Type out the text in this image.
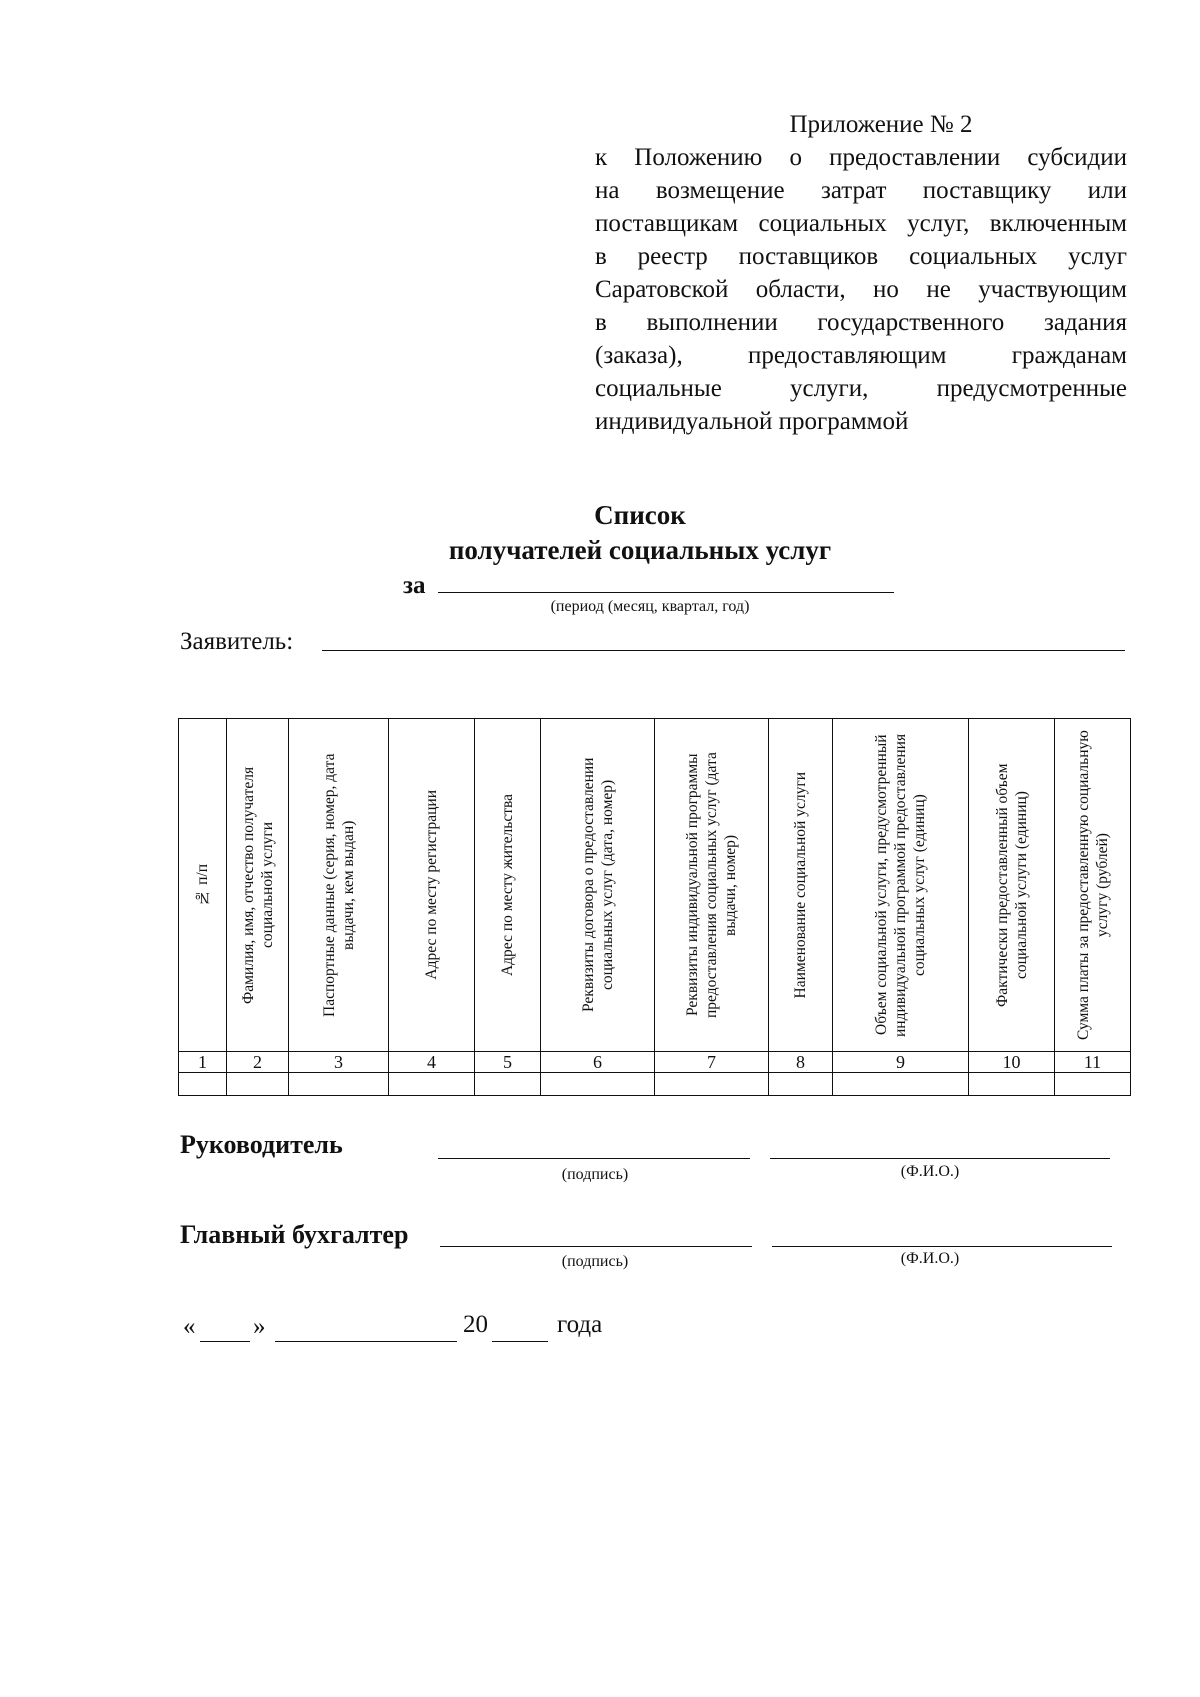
Приложение № 2
к Положению о предоставлении субсидии
на возмещение затрат поставщику или
поставщикам социальных услуг, включенным
в реестр поставщиков социальных услуг
Саратовской области, но не участвующим
в выполнении государственного задания
(заказа), предоставляющим гражданам
социальные услуги, предусмотренные
индивидуальной программой
Список
получателей социальных услуг
за
(период (месяц, квартал, год)
Заявитель:
№ п/п	Фамилия, имя, отчество получателя социальной услуги	Паспортные данные (серия, номер, дата выдачи, кем выдан)	Адрес по месту регистрации	Адрес по месту жительства	Реквизиты договора о предоставлении социальных услуг (дата, номер)	Реквизиты индивидуальной программы предоставления социальных услуг (дата выдачи, номер)	Наименование социальной услуги	Объем социальной услуги, предусмотренный индивидуальной программой предоставления социальных услуг (единиц)	Фактически предоставленный объем социальной услуги (единиц)	Сумма платы за предоставленную социальную услугу (рублей)

1	2	3	4	5	6	7	8	9	10	11

Руководитель
(подпись)	(Ф.И.О.)
Главный бухгалтер
(подпись)	(Ф.И.О.)
« »	20	года
